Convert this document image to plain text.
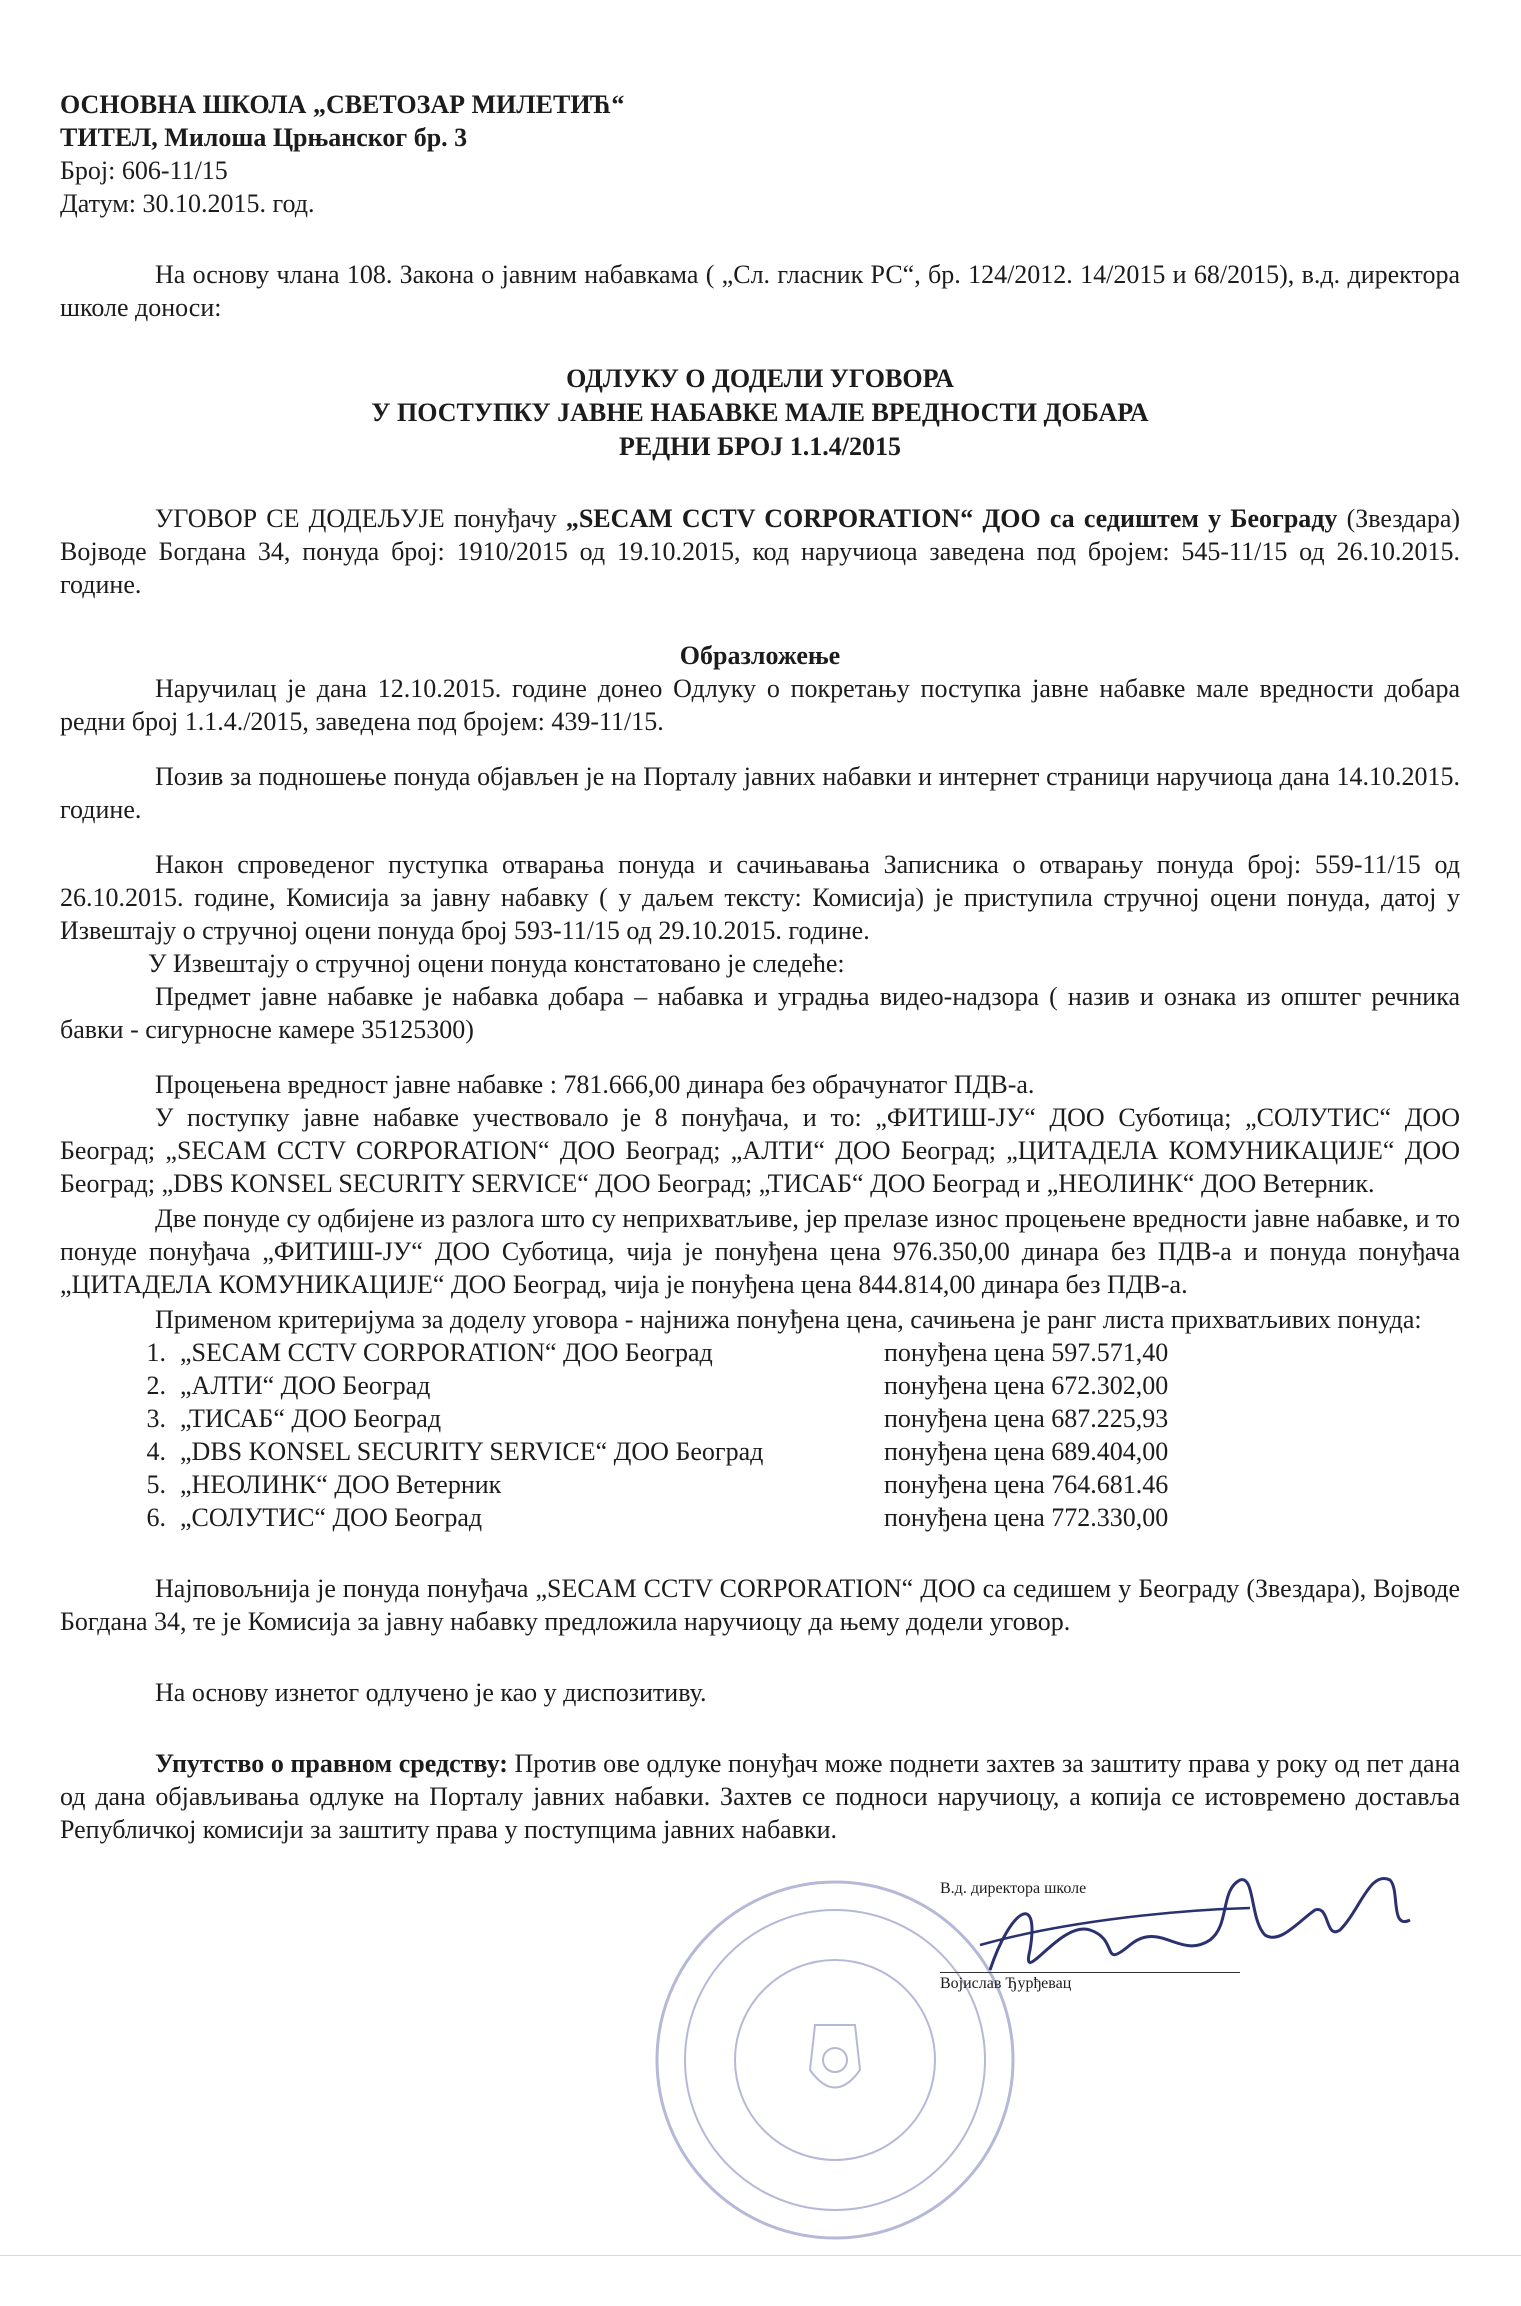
ОСНОВНА ШКОЛА „СВЕТОЗАР МИЛЕТИЋ“
ТИТЕЛ, Милоша Црњанског бр. 3
Број: 606-11/15
Датум: 30.10.2015. год.

На основу члана 108. Закона о јавним набавкама ( „Сл. гласник РС“, бр. 124/2012. 14/2015 и 68/2015), в.д. директора школе доноси:

ОДЛУКУ О ДОДЕЛИ УГОВОРА
У ПОСТУПКУ ЈАВНЕ НАБАВКЕ МАЛЕ ВРЕДНОСТИ ДОБАРА
РЕДНИ БРОЈ 1.1.4/2015

УГОВОР СЕ ДОДЕЉУЈЕ понуђачу „SECAM CCTV CORPORATION“ ДОО са седиштем у Београду (Звездара) Војводе Богдана 34, понуда број: 1910/2015 од 19.10.2015, код наручиоца заведена под бројем: 545-11/15 од 26.10.2015. године.

Образложење

Наручилац је дана 12.10.2015. године донео Одлуку о покретању поступка јавне набавке мале вредности добара редни број 1.1.4./2015, заведена под бројем: 439-11/15.

Позив за подношење понуда објављен је на Порталу јавних набавки и интернет страници наручиоца дана 14.10.2015. године.

Након спроведеног пуступка отварања понуда и сачињавања Записника о отварању понуда број: 559-11/15 од 26.10.2015. године, Комисија за јавну набавку ( у даљем тексту: Комисија) је приступила стручној оцени понуда, датој у Извештају о стручној оцени понуда број 593-11/15 од 29.10.2015. године.

У Извештају о стручној оцени понуда констатовано је следеће:

Предмет јавне набавке је набавка добара – набавка и уградња видео-надзора ( назив и ознака из општег речника бавки - сигурносне камере 35125300)

Процењена вредност јавне набавке : 781.666,00 динара без обрачунатог ПДВ-а.

У поступку јавне набавке учествовало је 8 понуђача, и то: „ФИТИШ-ЈУ“ ДОО Суботица; „СОЛУТИС“ ДОО Београд; „SECAM CCTV CORPORATION“ ДОО Београд; „АЛТИ“ ДОО Београд; „ЦИТАДЕЛА КОМУНИКАЦИЈЕ“ ДОО Београд; „DBS KONSEL SECURITY SERVICE“ ДОО Београд; „ТИСАБ“ ДОО Београд и „НЕОЛИНК“ ДОО Ветерник.

Две понуде су одбијене из разлога што су неприхватљиве, јер прелазе износ процењене вредности јавне набавке, и то понуде понуђача „ФИТИШ-ЈУ“ ДОО Суботица, чија је понуђена цена 976.350,00 динара без ПДВ-а и понуда понуђача „ЦИТАДЕЛА КОМУНИКАЦИЈЕ“ ДОО Београд, чија је понуђена цена 844.814,00 динара без ПДВ-а.

Применом критеријума за доделу уговора - најнижа понуђена цена, сачињена је ранг листа прихватљивих понуда:

1. „SECAM CCTV CORPORATION“ ДОО Београд	понуђена цена 597.571,40
2. „АЛТИ“ ДОО Београд	понуђена цена 672.302,00
3. „ТИСАБ“ ДОО Београд	понуђена цена 687.225,93
4. „DBS KONSEL SECURITY SERVICE“ ДОО Београд	понуђена цена 689.404,00
5. „НЕОЛИНК“ ДОО Ветерник	понуђена цена 764.681.46
6. „СОЛУТИС“ ДОО Београд	понуђена цена 772.330,00

Најповољнија је понуда понуђача „SECAM CCTV CORPORATION“ ДОО са седишем у Београду (Звездара), Војводе Богдана 34, те је Комисија за јавну набавку предложила наручиоцу да њему додели уговор.

На основу изнетог одлучено је као у диспозитиву.

Упутство о правном средству: Против ове одлуке понуђач може поднети захтев за заштиту права у року од пет дана од дана објављивања одлуке на Порталу јавних набавки. Захтев се подноси наручиоцу, а копија се истовремено доставља Републичкој комисији за заштиту права у поступцима јавних набавки.

В.д. директора школе
Војислав Ђурђевац
